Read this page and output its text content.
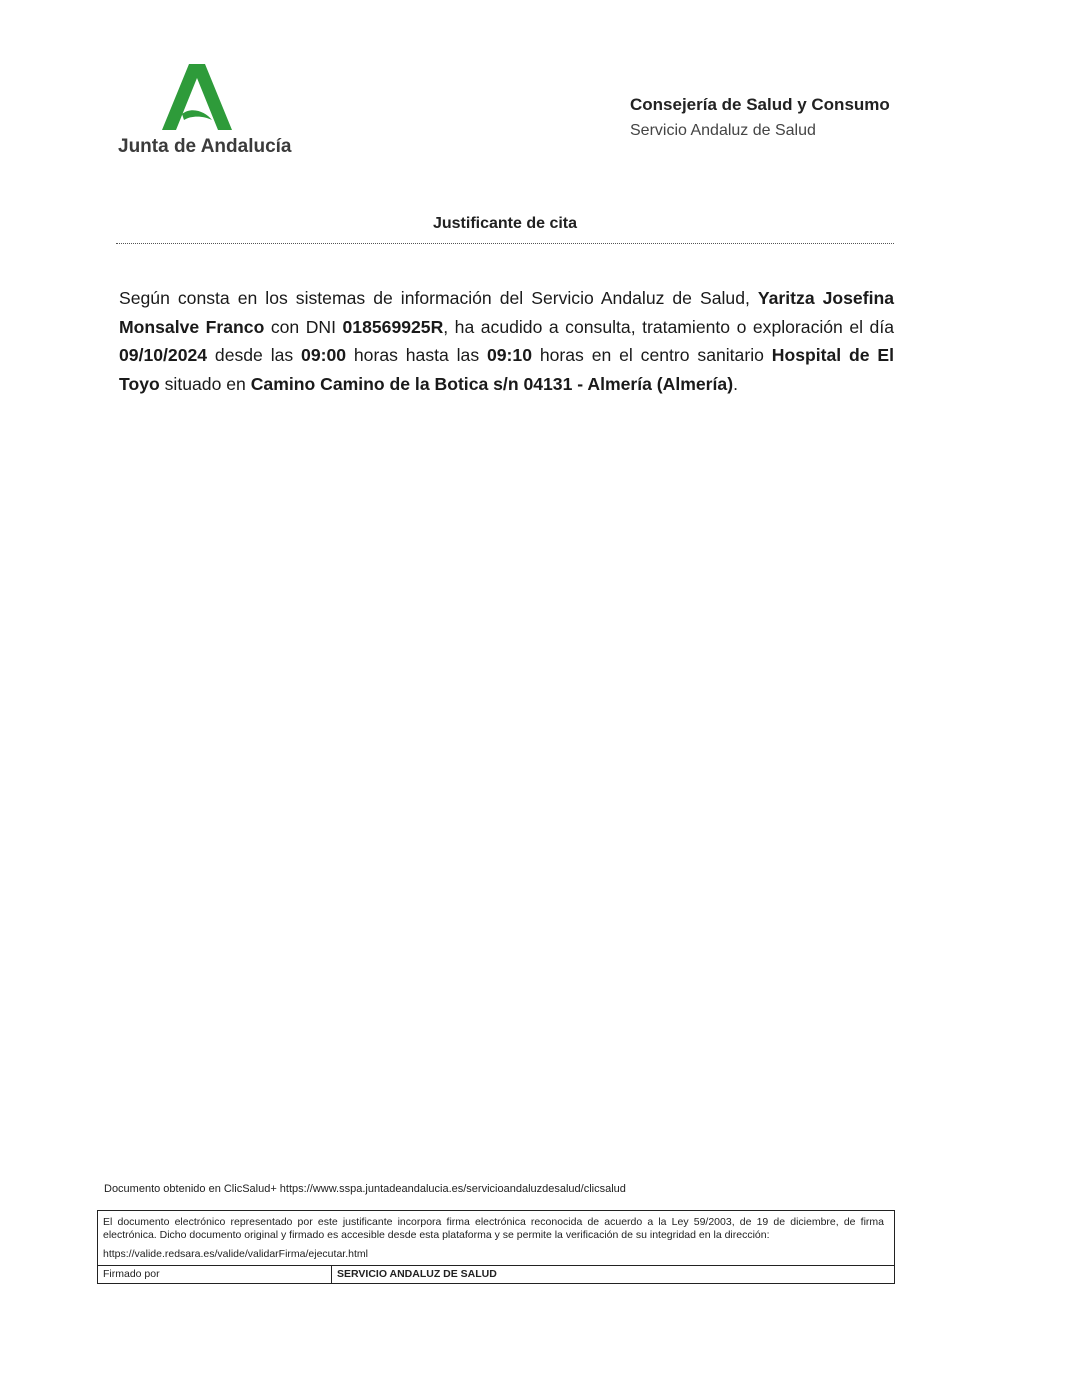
Junta de Andalucía
Consejería de Salud y Consumo
Servicio Andaluz de Salud
Justificante de cita
Según consta en los sistemas de información del Servicio Andaluz de Salud, Yaritza Josefina Monsalve Franco con DNI 018569925R, ha acudido a consulta, tratamiento o exploración el día 09/10/2024 desde las 09:00 horas hasta las 09:10 horas en el centro sanitario Hospital de El Toyo situado en Camino Camino de la Botica s/n 04131 - Almería (Almería).
Documento obtenido en ClicSalud+ https://www.sspa.juntadeandalucia.es/servicioandaluzdesalud/clicsalud
El documento electrónico representado por este justificante incorpora firma electrónica reconocida de acuerdo a la Ley 59/2003, de 19 de diciembre, de firma electrónica. Dicho documento original y firmado es accesible desde esta plataforma y se permite la verificación de su integridad en la dirección:
https://valide.redsara.es/valide/validarFirma/ejecutar.html
Firmado por	SERVICIO ANDALUZ DE SALUD
